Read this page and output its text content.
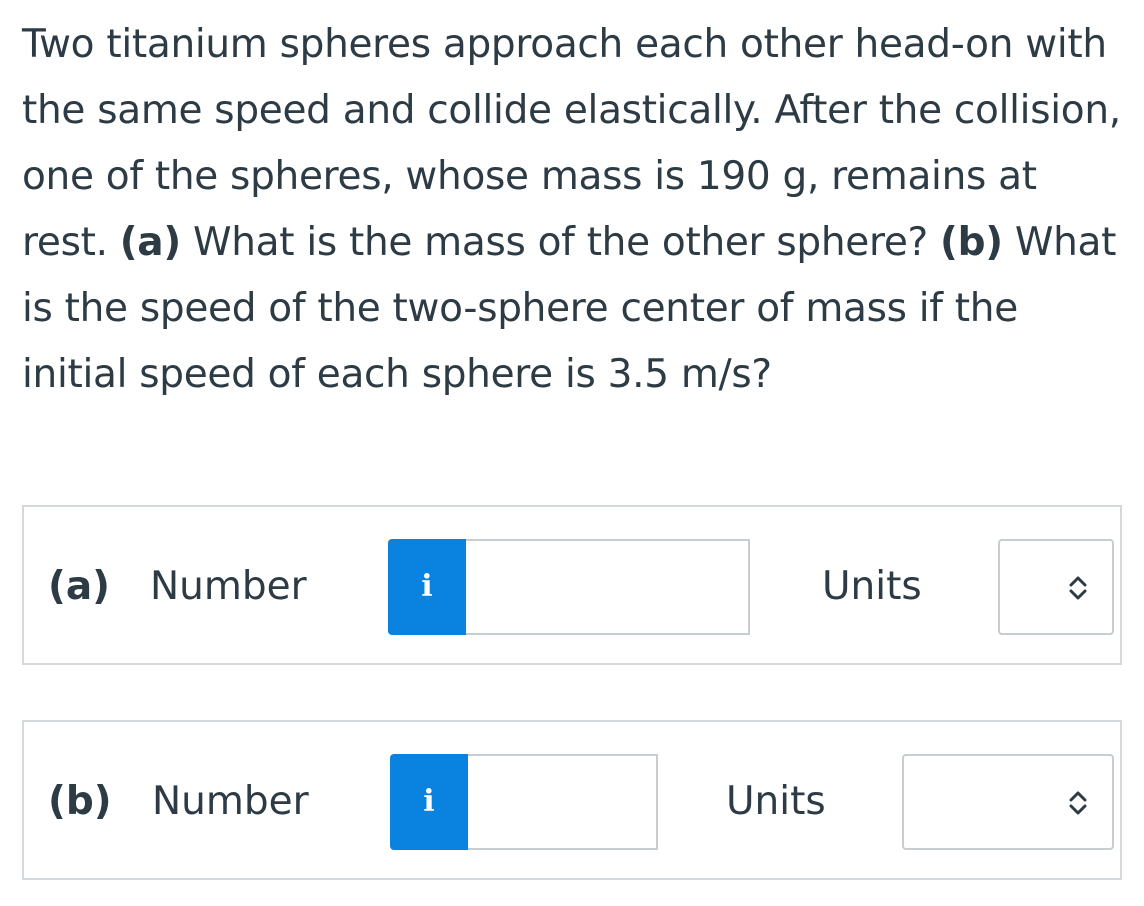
Two titanium spheres approach each other head-on with the same speed and collide elastically. After the collision, one of the spheres, whose mass is 190 g, remains at rest. (a) What is the mass of the other sphere? (b) What is the speed of the two-sphere center of mass if the initial speed of each sphere is 3.5 m/s?

(a) Number	i	Units
(b) Number	i	Units
